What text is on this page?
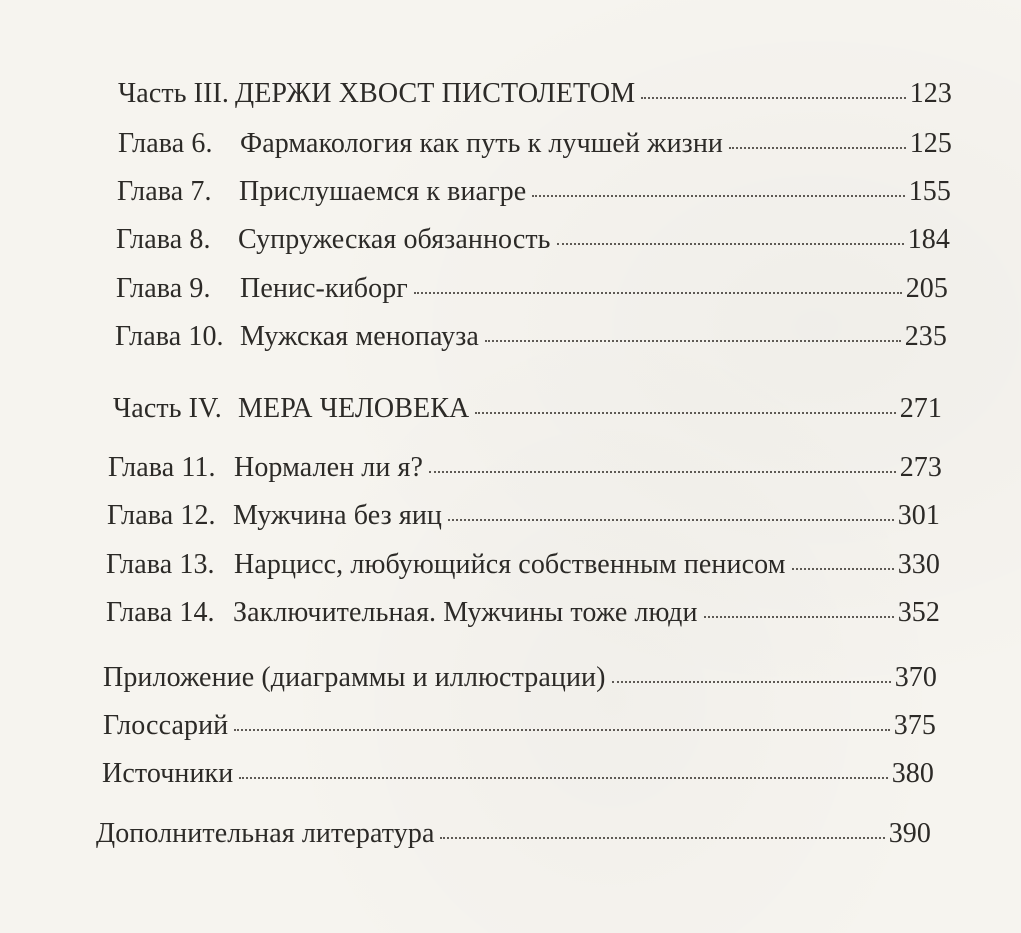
Часть III. ДЕРЖИ ХВОСТ ПИСТОЛЕТОМ	123
Глава 6. Фармакология как путь к лучшей жизни	125
Глава 7. Прислушаемся к виагре	155
Глава 8. Супружеская обязанность	184
Глава 9.	Пенис-киборг	205
Глава 10. Мужская менопауза	235
Часть IV. МЕРА ЧЕЛОВЕКА	271
Глава 11. Нормален ли я?	273
Глава 12. Мужчина без яиц	301
Глава 13. Нарцисс, любующийся собственным пенисом	330
Глава 14. Заключительная. Мужчины тоже люди	352
Приложение (диаграммы и иллюстрации)	370
Глоссарий	375
Источники	380
Дополнительная литература	390
